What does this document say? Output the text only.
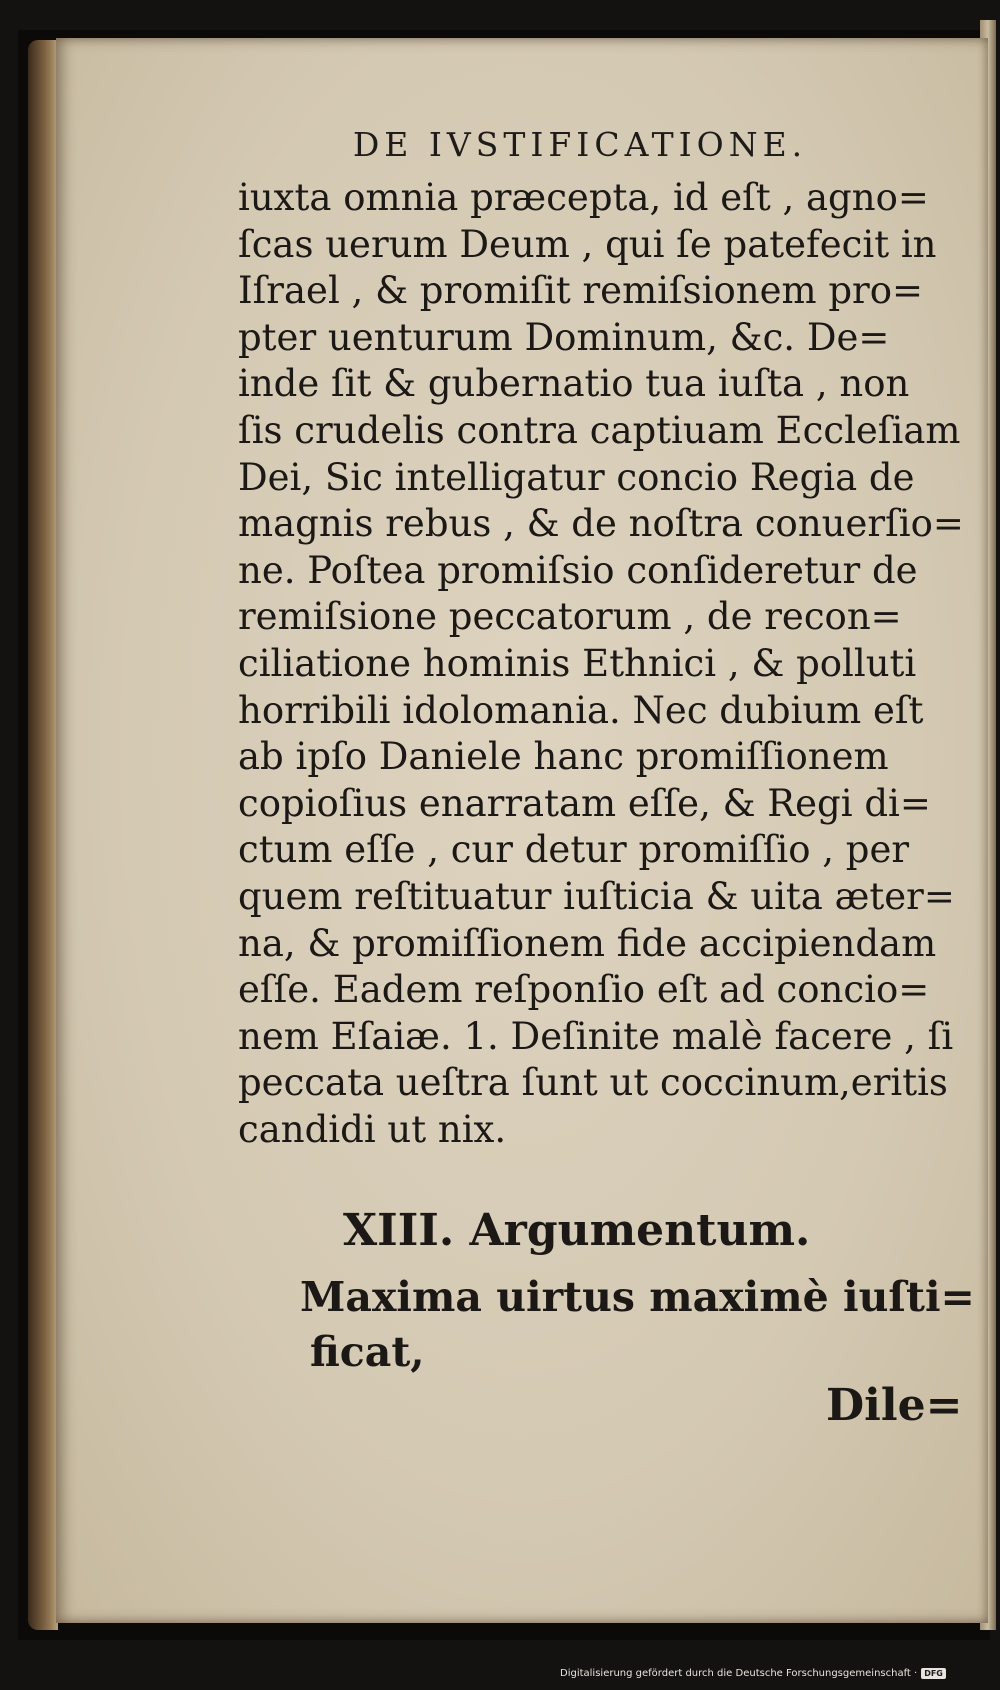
DE IVSTIFICATIONE.
iuxta omnia præcepta, id eſt , agno=
ſcas uerum Deum , qui ſe patefecit in
Iſrael , & promiſit remiſsionem pro=
pter uenturum Dominum, &c. De=
inde ſit & gubernatio tua iuſta , non
ſis crudelis contra captiuam Eccleſiam
Dei, Sic intelligatur concio Regia de
magnis rebus , & de noſtra conuerſio=
ne. Poſtea promiſsio conſideretur de
remiſsione peccatorum , de recon=
ciliatione hominis Ethnici , & polluti
horribili idolomania. Nec dubium eſt
ab ipſo Daniele hanc promiſſionem
copioſius enarratam eſſe, & Regi di=
ctum eſſe , cur detur promiſſio , per
quem reſtituatur iuſticia & uita æter=
na, & promiſſionem fide accipiendam
eſſe. Eadem reſponſio eſt ad concio=
nem Eſaiæ. 1. Deſinite malè facere , ſi
peccata ueſtra ſunt ut coccinum,eritis
candidi ut nix.
XIII. Argumentum.
Maxima uirtus maximè iuſti=
ficat,
Dile=
Digitalisierung gefördert durch die Deutsche Forschungsgemeinschaft · DFG
